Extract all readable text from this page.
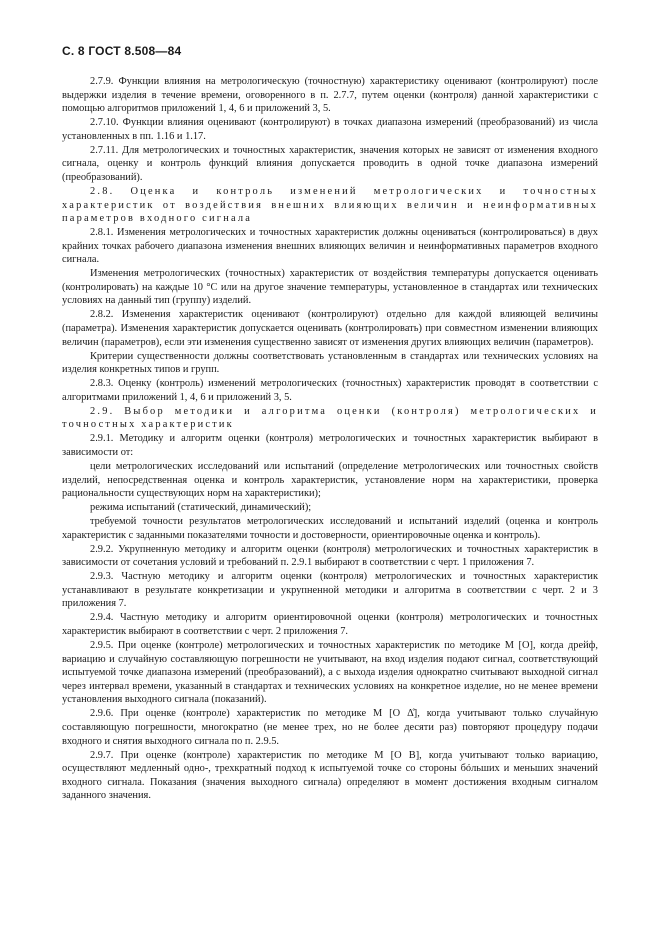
С. 8 ГОСТ 8.508—84

2.7.9. Функции влияния на метрологическую (точностную) характеристику оценивают (контролируют) после выдержки изделия в течение времени, оговоренного в п. 2.7.7, путем оценки (контроля) данной характеристики с помощью алгоритмов приложений 1, 4, 6 и приложений 3, 5.

2.7.10. Функции влияния оценивают (контролируют) в точках диапазона измерений (преобразований) из числа установленных в пп. 1.16 и 1.17.

2.7.11. Для метрологических и точностных характеристик, значения которых не зависят от изменения входного сигнала, оценку и контроль функций влияния допускается проводить в одной точке диапазона измерений (преобразований).

2.8. Оценка и контроль изменений метрологических и точностных характеристик от воздействия внешних влияющих величин и неинформативных параметров входного сигнала

2.8.1. Изменения метрологических и точностных характеристик должны оцениваться (контролироваться) в двух крайних точках рабочего диапазона изменения внешних влияющих величин и неинформативных параметров входного сигнала.

Изменения метрологических (точностных) характеристик от воздействия температуры допускается оценивать (контролировать) на каждые 10 °С или на другое значение температуры, установленное в стандартах или технических условиях на данный тип (группу) изделий.

2.8.2. Изменения характеристик оценивают (контролируют) отдельно для каждой влияющей величины (параметра). Изменения характеристик допускается оценивать (контролировать) при совместном изменении влияющих величин (параметров), если эти изменения существенно зависят от изменения других влияющих величин (параметров).

Критерии существенности должны соответствовать установленным в стандартах или технических условиях на изделия конкретных типов и групп.

2.8.3. Оценку (контроль) изменений метрологических (точностных) характеристик проводят в соответствии с алгоритмами приложений 1, 4, 6 и приложений 3, 5.

2.9. Выбор методики и алгоритма оценки (контроля) метрологических и точностных характеристик

2.9.1. Методику и алгоритм оценки (контроля) метрологических и точностных характеристик выбирают в зависимости от:

цели метрологических исследований или испытаний (определение метрологических или точностных свойств изделий, непосредственная оценка и контроль характеристик, установление норм на характеристики, проверка рациональности существующих норм на характеристики);

режима испытаний (статический, динамический);

требуемой точности результатов метрологических исследований и испытаний изделий (оценка и контроль характеристик с заданными показателями точности и достоверности, ориентировочные оценка и контроль).

2.9.2. Укрупненную методику и алгоритм оценки (контроля) метрологических и точностных характеристик в зависимости от сочетания условий и требований п. 2.9.1 выбирают в соответствии с черт. 1 приложения 7.

2.9.3. Частную методику и алгоритм оценки (контроля) метрологических и точностных характеристик устанавливают в результате конкретизации и укрупненной методики и алгоритма в соответствии с черт. 2 и 3 приложения 7.

2.9.4. Частную методику и алгоритм ориентировочной оценки (контроля) метрологических и точностных характеристик выбирают в соответствии с черт. 2 приложения 7.

2.9.5. При оценке (контроле) метрологических и точностных характеристик по методике М [О], когда дрейф, вариацию и случайную составляющую погрешности не учитывают, на вход изделия подают сигнал, соответствующий испытуемой точке диапазона измерений (преобразований), а с выхода изделия однократно считывают выходной сигнал через интервал времени, указанный в стандартах и технических условиях на конкретное изделие, но не менее времени установления выходного сигнала (показаний).

2.9.6. При оценке (контроле) характеристик по методике М [О Δ̊], когда учитывают только случайную составляющую погрешности, многократно (не менее трех, но не более десяти раз) повторяют процедуру подачи входного и снятия выходного сигнала по п. 2.9.5.

2.9.7. При оценке (контроле) характеристик по методике М [О В], когда учитывают только вариацию, осуществляют медленный одно-, трехкратный подход к испытуемой точке со стороны бóльших и меньших значений входного сигнала. Показания (значения выходного сигнала) определяют в момент достижения входным сигналом заданного значения.
